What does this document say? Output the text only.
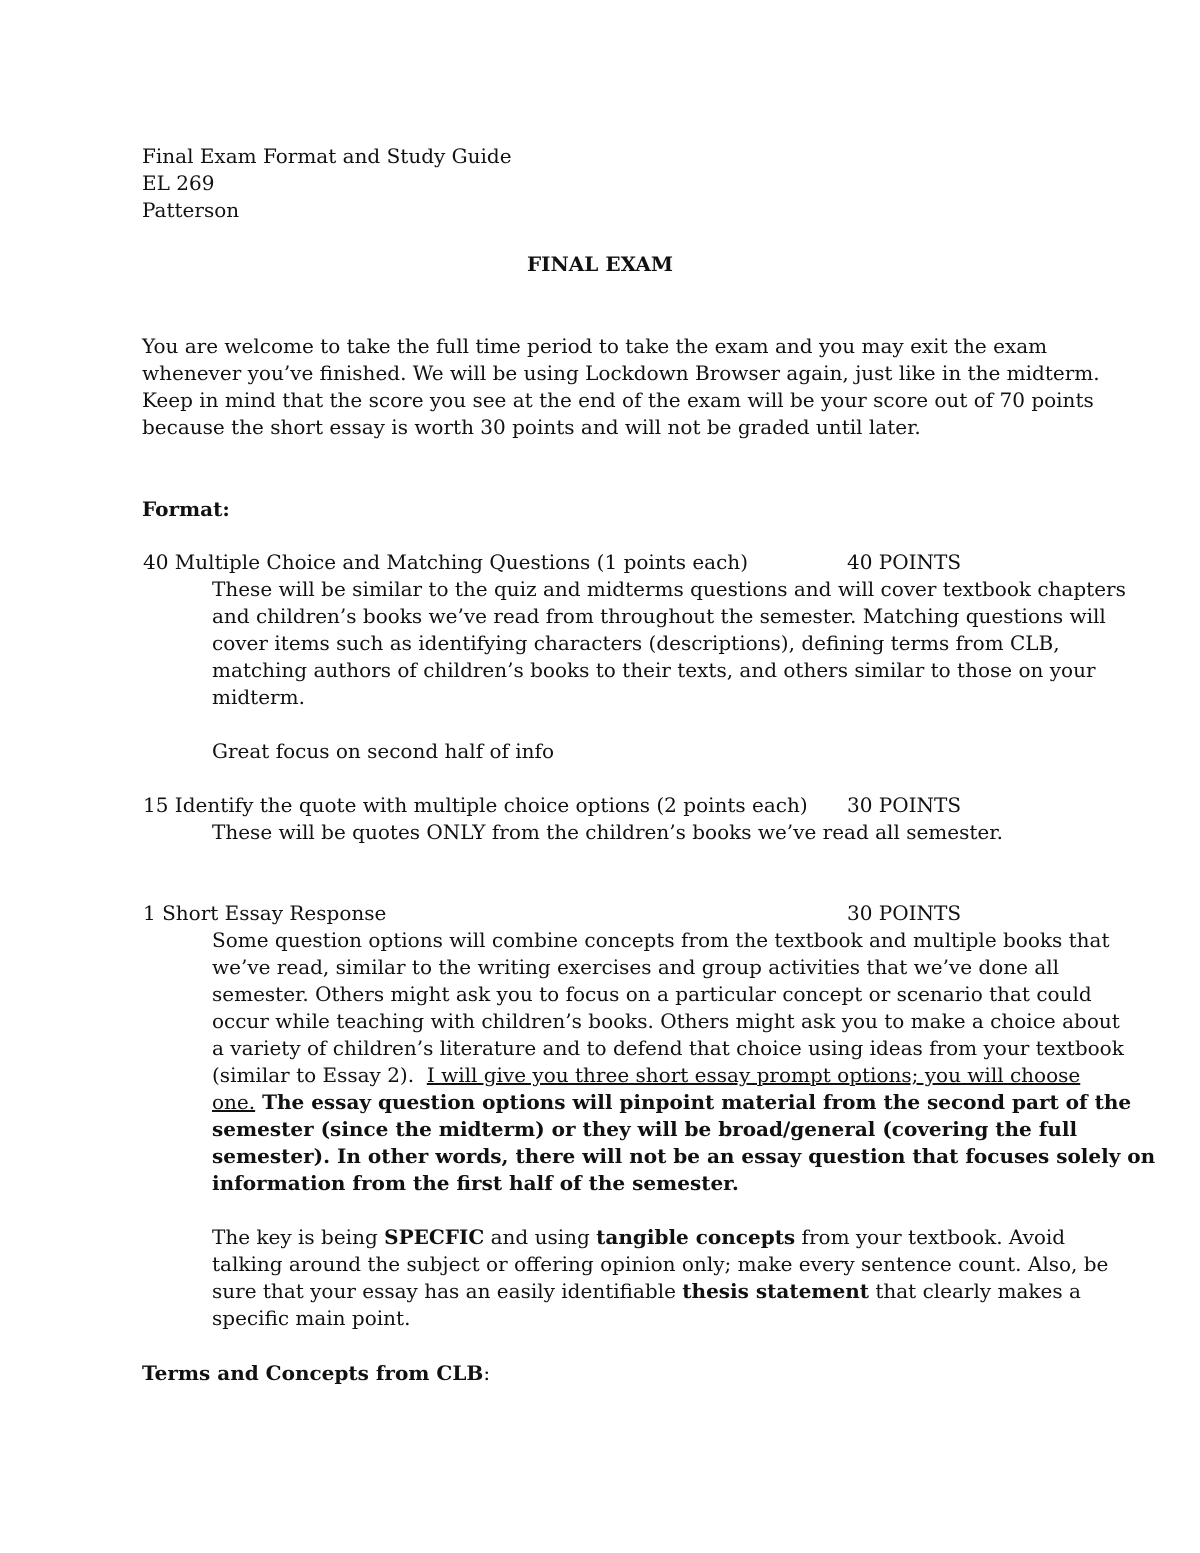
Final Exam Format and Study Guide
EL 269
Patterson
FINAL EXAM
You are welcome to take the full time period to take the exam and you may exit the exam
whenever you’ve finished. We will be using Lockdown Browser again, just like in the midterm.
Keep in mind that the score you see at the end of the exam will be your score out of 70 points
because the short essay is worth 30 points and will not be graded until later.
Format:
40 Multiple Choice and Matching Questions (1 points each)	40 POINTS
These will be similar to the quiz and midterms questions and will cover textbook chapters
and children’s books we’ve read from throughout the semester. Matching questions will
cover items such as identifying characters (descriptions), defining terms from CLB,
matching authors of children’s books to their texts, and others similar to those on your
midterm.
Great focus on second half of info
15 Identify the quote with multiple choice options (2 points each) 30 POINTS
These will be quotes ONLY from the children’s books we’ve read all semester.
1 Short Essay Response	30 POINTS
Some question options will combine concepts from the textbook and multiple books that
we’ve read, similar to the writing exercises and group activities that we’ve done all
semester. Others might ask you to focus on a particular concept or scenario that could
occur while teaching with children’s books. Others might ask you to make a choice about
a variety of children’s literature and to defend that choice using ideas from your textbook
(similar to Essay 2).  I will give you three short essay prompt options; you will choose
one. The essay question options will pinpoint material from the second part of the
semester (since the midterm) or they will be broad/general (covering the full
semester). In other words, there will not be an essay question that focuses solely on
information from the first half of the semester.
The key is being SPECFIC and using tangible concepts from your textbook. Avoid
talking around the subject or offering opinion only; make every sentence count. Also, be
sure that your essay has an easily identifiable thesis statement that clearly makes a
specific main point.
Terms and Concepts from CLB:
